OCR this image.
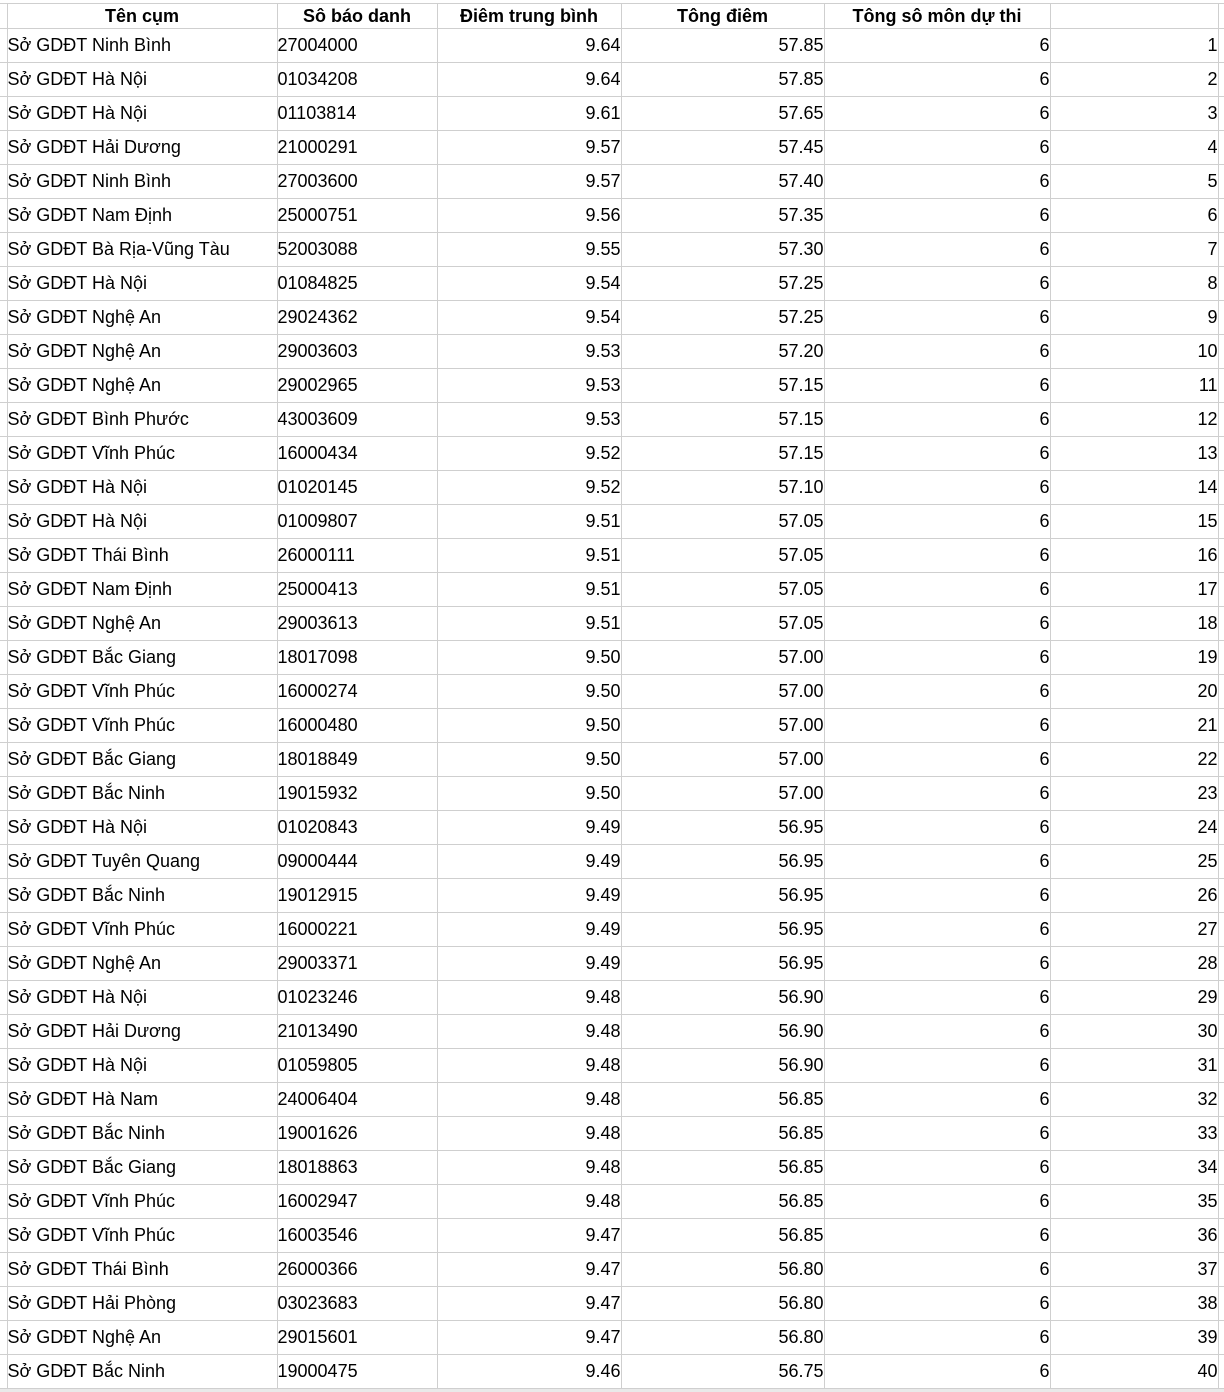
	Tên cụm	Sô báo danh	Điêm trung bình	Tông điêm	Tông sô môn dự thi		
	Sở GDĐT Ninh Bình	27004000	9.64	57.85	6	1	
	Sở GDĐT Hà Nội	01034208	9.64	57.85	6	2	
	Sở GDĐT Hà Nội	01103814	9.61	57.65	6	3	
	Sở GDĐT Hải Dương	21000291	9.57	57.45	6	4	
	Sở GDĐT Ninh Bình	27003600	9.57	57.40	6	5	
	Sở GDĐT Nam Định	25000751	9.56	57.35	6	6	
	Sở GDĐT Bà Rịa-Vũng Tàu	52003088	9.55	57.30	6	7	
	Sở GDĐT Hà Nội	01084825	9.54	57.25	6	8	
	Sở GDĐT Nghệ An	29024362	9.54	57.25	6	9	
	Sở GDĐT Nghệ An	29003603	9.53	57.20	6	10	
	Sở GDĐT Nghệ An	29002965	9.53	57.15	6	11	
	Sở GDĐT Bình Phước	43003609	9.53	57.15	6	12	
	Sở GDĐT Vĩnh Phúc	16000434	9.52	57.15	6	13	
	Sở GDĐT Hà Nội	01020145	9.52	57.10	6	14	
	Sở GDĐT Hà Nội	01009807	9.51	57.05	6	15	
	Sở GDĐT Thái Bình	26000111	9.51	57.05	6	16	
	Sở GDĐT Nam Định	25000413	9.51	57.05	6	17	
	Sở GDĐT Nghệ An	29003613	9.51	57.05	6	18	
	Sở GDĐT Bắc Giang	18017098	9.50	57.00	6	19	
	Sở GDĐT Vĩnh Phúc	16000274	9.50	57.00	6	20	
	Sở GDĐT Vĩnh Phúc	16000480	9.50	57.00	6	21	
	Sở GDĐT Bắc Giang	18018849	9.50	57.00	6	22	
	Sở GDĐT Bắc Ninh	19015932	9.50	57.00	6	23	
	Sở GDĐT Hà Nội	01020843	9.49	56.95	6	24	
	Sở GDĐT Tuyên Quang	09000444	9.49	56.95	6	25	
	Sở GDĐT Bắc Ninh	19012915	9.49	56.95	6	26	
	Sở GDĐT Vĩnh Phúc	16000221	9.49	56.95	6	27	
	Sở GDĐT Nghệ An	29003371	9.49	56.95	6	28	
	Sở GDĐT Hà Nội	01023246	9.48	56.90	6	29	
	Sở GDĐT Hải Dương	21013490	9.48	56.90	6	30	
	Sở GDĐT Hà Nội	01059805	9.48	56.90	6	31	
	Sở GDĐT Hà Nam	24006404	9.48	56.85	6	32	
	Sở GDĐT Bắc Ninh	19001626	9.48	56.85	6	33	
	Sở GDĐT Bắc Giang	18018863	9.48	56.85	6	34	
	Sở GDĐT Vĩnh Phúc	16002947	9.48	56.85	6	35	
	Sở GDĐT Vĩnh Phúc	16003546	9.47	56.85	6	36	
	Sở GDĐT Thái Bình	26000366	9.47	56.80	6	37	
	Sở GDĐT Hải Phòng	03023683	9.47	56.80	6	38	
	Sở GDĐT Nghệ An	29015601	9.47	56.80	6	39	
	Sở GDĐT Bắc Ninh	19000475	9.46	56.75	6	40	
